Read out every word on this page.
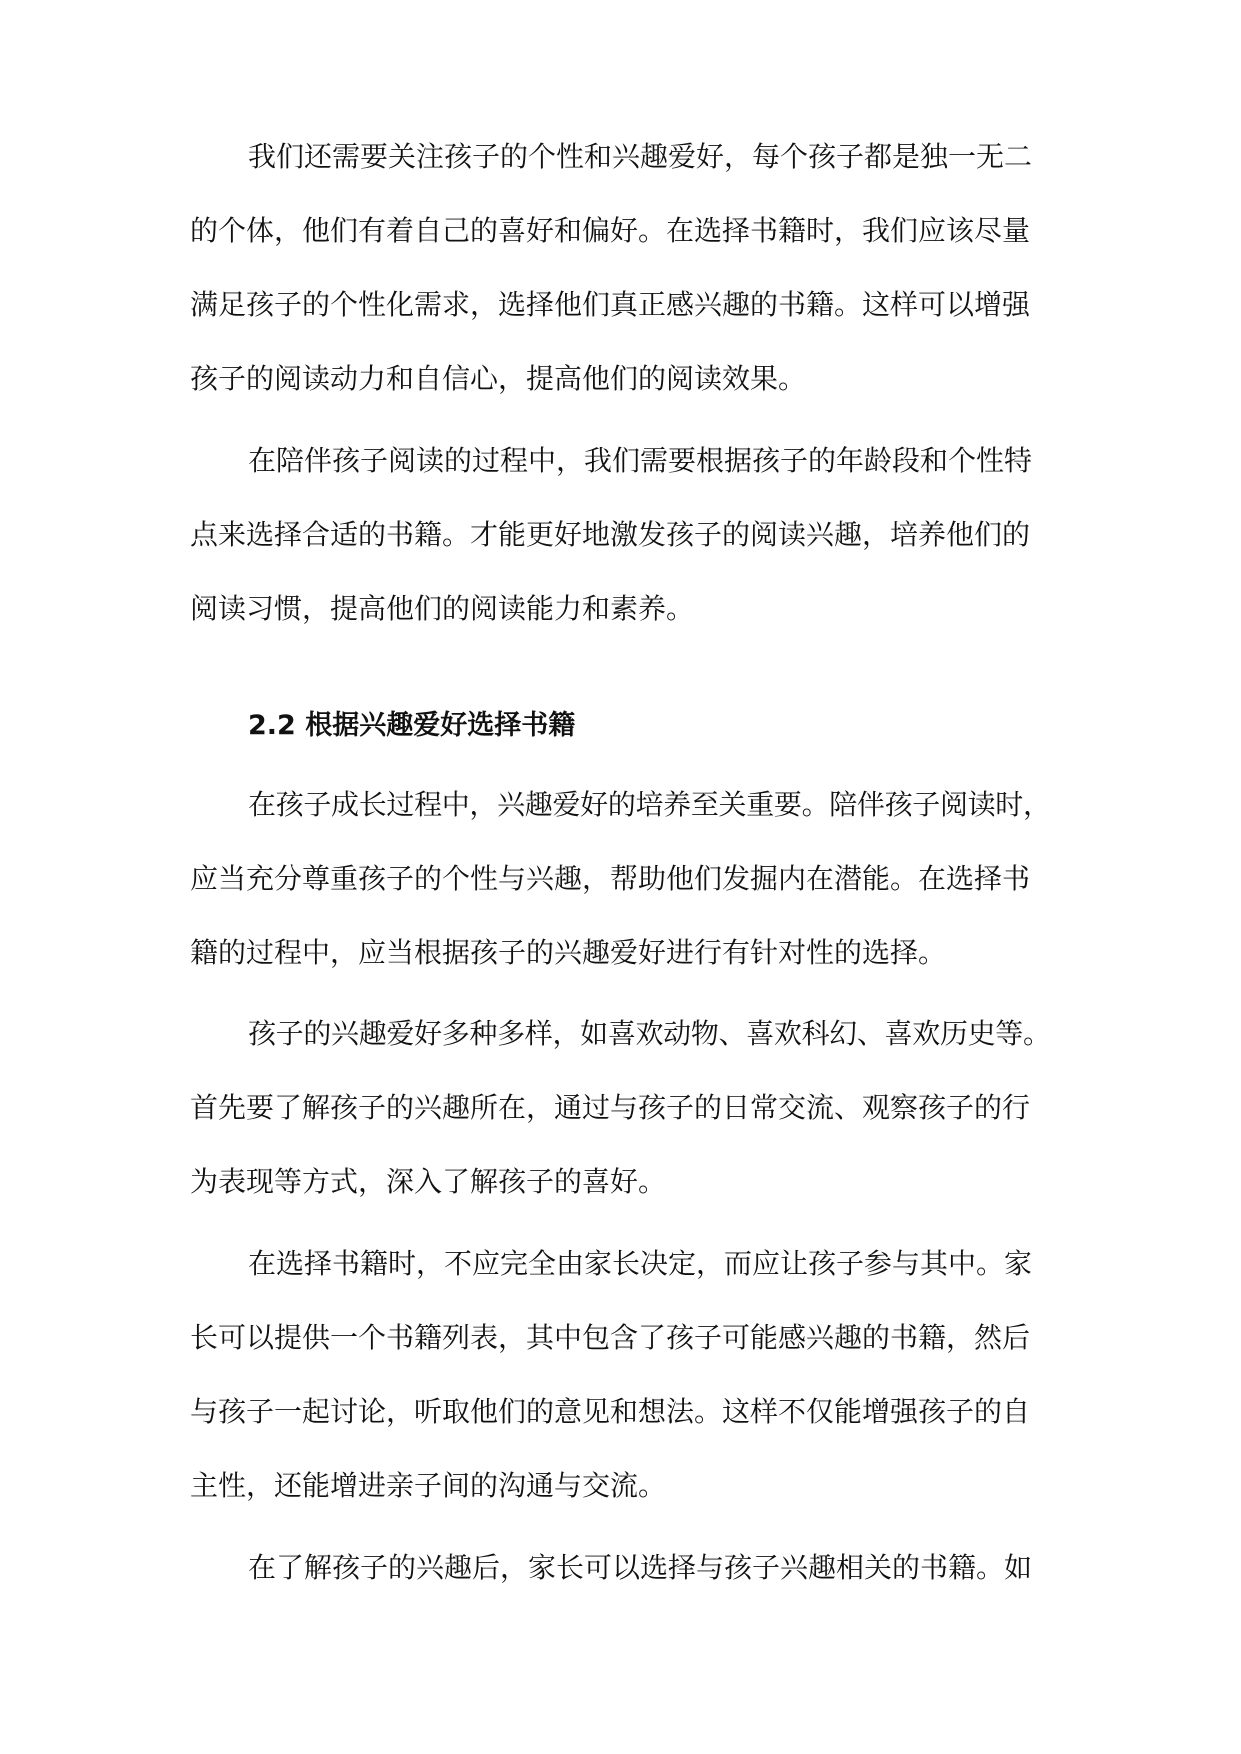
我们还需要关注孩子的个性和兴趣爱好，每个孩子都是独一无二
的个体，他们有着自己的喜好和偏好。在选择书籍时，我们应该尽量
满足孩子的个性化需求，选择他们真正感兴趣的书籍。这样可以增强
孩子的阅读动力和自信心，提高他们的阅读效果。
在陪伴孩子阅读的过程中，我们需要根据孩子的年龄段和个性特
点来选择合适的书籍。才能更好地激发孩子的阅读兴趣，培养他们的
阅读习惯，提高他们的阅读能力和素养。
2.2 根据兴趣爱好选择书籍
在孩子成长过程中，兴趣爱好的培养至关重要。陪伴孩子阅读时，
应当充分尊重孩子的个性与兴趣，帮助他们发掘内在潜能。在选择书
籍的过程中，应当根据孩子的兴趣爱好进行有针对性的选择。
孩子的兴趣爱好多种多样，如喜欢动物、喜欢科幻、喜欢历史等。
首先要了解孩子的兴趣所在，通过与孩子的日常交流、观察孩子的行
为表现等方式，深入了解孩子的喜好。
在选择书籍时，不应完全由家长决定，而应让孩子参与其中。家
长可以提供一个书籍列表，其中包含了孩子可能感兴趣的书籍，然后
与孩子一起讨论，听取他们的意见和想法。这样不仅能增强孩子的自
主性，还能增进亲子间的沟通与交流。
在了解孩子的兴趣后，家长可以选择与孩子兴趣相关的书籍。如
